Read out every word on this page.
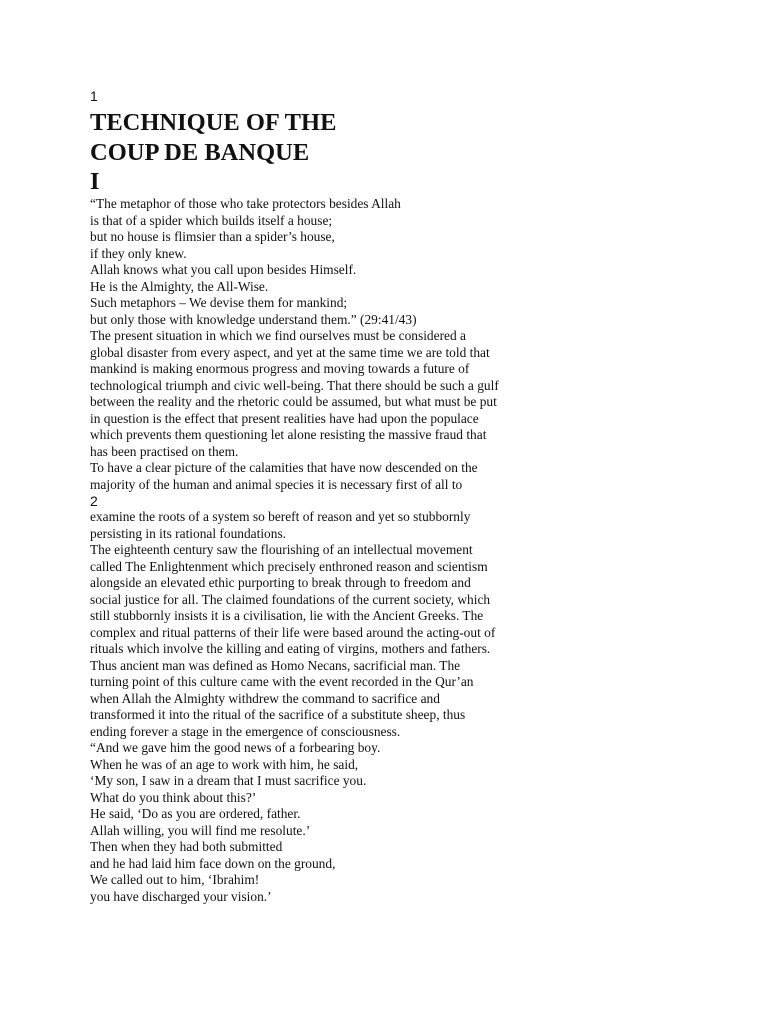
1
TECHNIQUE OF THE
COUP DE BANQUE
I
“The metaphor of those who take protectors besides Allah
is that of a spider which builds itself a house;
but no house is flimsier than a spider’s house,
if they only knew.
Allah knows what you call upon besides Himself.
He is the Almighty, the All-Wise.
Such metaphors – We devise them for mankind;
but only those with knowledge understand them.” (29:41/43)
The present situation in which we find ourselves must be considered a
global disaster from every aspect, and yet at the same time we are told that
mankind is making enormous progress and moving towards a future of
technological triumph and civic well-being. That there should be such a gulf
between the reality and the rhetoric could be assumed, but what must be put
in question is the effect that present realities have had upon the populace
which prevents them questioning let alone resisting the massive fraud that
has been practised on them.
To have a clear picture of the calamities that have now descended on the
majority of the human and animal species it is necessary first of all to
2
examine the roots of a system so bereft of reason and yet so stubbornly
persisting in its rational foundations.
The eighteenth century saw the flourishing of an intellectual movement
called The Enlightenment which precisely enthroned reason and scientism
alongside an elevated ethic purporting to break through to freedom and
social justice for all. The claimed foundations of the current society, which
still stubbornly insists it is a civilisation, lie with the Ancient Greeks. The
complex and ritual patterns of their life were based around the acting-out of
rituals which involve the killing and eating of virgins, mothers and fathers.
Thus ancient man was defined as Homo Necans, sacrificial man. The
turning point of this culture came with the event recorded in the Qur’an
when Allah the Almighty withdrew the command to sacrifice and
transformed it into the ritual of the sacrifice of a substitute sheep, thus
ending forever a stage in the emergence of consciousness.
“And we gave him the good news of a forbearing boy.
When he was of an age to work with him, he said,
‘My son, I saw in a dream that I must sacrifice you.
What do you think about this?’
He said, ‘Do as you are ordered, father.
Allah willing, you will find me resolute.’
Then when they had both submitted
and he had laid him face down on the ground,
We called out to him, ‘Ibrahim!
you have discharged your vision.’
